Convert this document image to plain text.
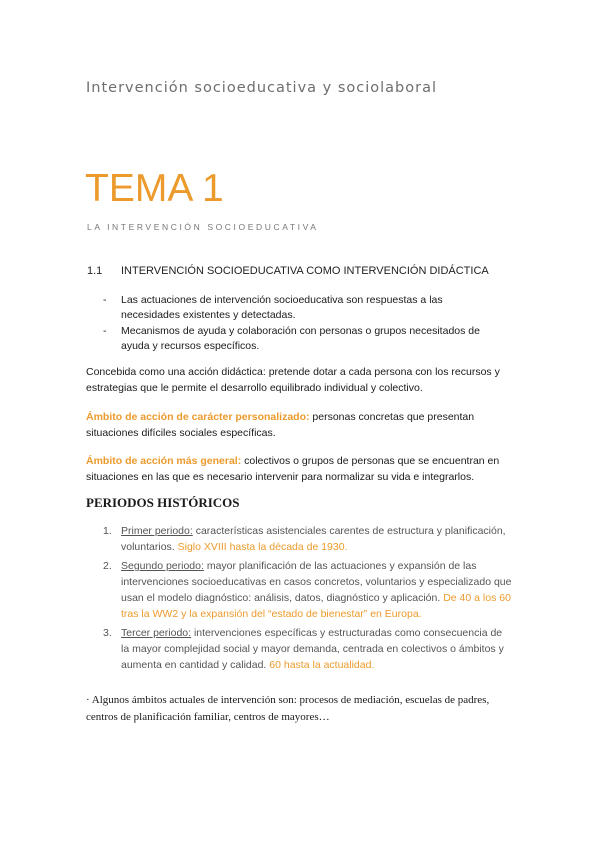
Intervención socioeducativa y sociolaboral
TEMA 1

LA INTERVENCIÓN SOCIOEDUCATIVA

1.1 INTERVENCIÓN SOCIOEDUCATIVA COMO INTERVENCIÓN DIDÁCTICA
- Las actuaciones de intervención socioeducativa son respuestas a las necesidades existentes y detectadas.
- Mecanismos de ayuda y colaboración con personas o grupos necesitados de ayuda y recursos específicos.

Concebida como una acción didáctica: pretende dotar a cada persona con los recursos y estrategias que le permite el desarrollo equilibrado individual y colectivo.

Ámbito de acción de carácter personalizado: personas concretas que presentan situaciones difíciles sociales específicas.

Ámbito de acción más general: colectivos o grupos de personas que se encuentran en situaciones en las que es necesario intervenir para normalizar su vida e integrarlos.

PERIODOS HISTÓRICOS
1. Primer periodo: características asistenciales carentes de estructura y planificación, voluntarios. Siglo XVIII hasta la década de 1930.
2. Segundo periodo: mayor planificación de las actuaciones y expansión de las intervenciones socioeducativas en casos concretos, voluntarios y especializado que usan el modelo diagnóstico: análisis, datos, diagnóstico y aplicación. De 40 a los 60 tras la WW2 y la expansión del “estado de bienestar” en Europa.
3. Tercer periodo: intervenciones específicas y estructuradas como consecuencia de la mayor complejidad social y mayor demanda, centrada en colectivos o ámbitos y aumenta en cantidad y calidad. 60 hasta la actualidad.

· Algunos ámbitos actuales de intervención son: procesos de mediación, escuelas de padres, centros de planificación familiar, centros de mayores…
